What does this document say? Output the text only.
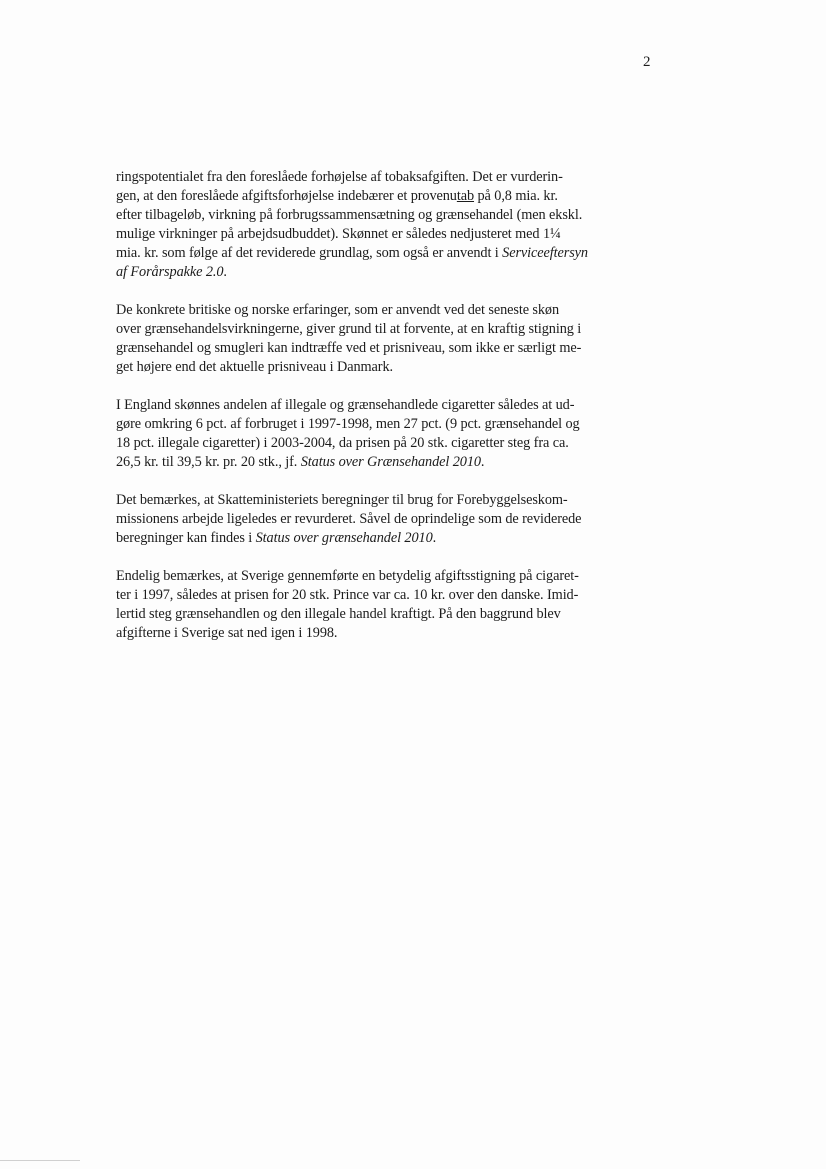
2

ringspotentialet fra den foreslåede forhøjelse af tobaksafgiften. Det er vurderin-
gen, at den foreslåede afgiftsforhøjelse indebærer et provenutab på 0,8 mia. kr.
efter tilbageløb, virkning på forbrugssammensætning og grænsehandel (men ekskl.
mulige virkninger på arbejdsudbuddet). Skønnet er således nedjusteret med 1¼
mia. kr. som følge af det reviderede grundlag, som også er anvendt i Serviceeftersyn
af Forårspakke 2.0.

De konkrete britiske og norske erfaringer, som er anvendt ved det seneste skøn
over grænsehandelsvirkningerne, giver grund til at forvente, at en kraftig stigning i
grænsehandel og smugleri kan indtræffe ved et prisniveau, som ikke er særligt me-
get højere end det aktuelle prisniveau i Danmark.

I England skønnes andelen af illegale og grænsehandlede cigaretter således at ud-
gøre omkring 6 pct. af forbruget i 1997-1998, men 27 pct. (9 pct. grænsehandel og
18 pct. illegale cigaretter) i 2003-2004, da prisen på 20 stk. cigaretter steg fra ca.
26,5 kr. til 39,5 kr. pr. 20 stk., jf. Status over Grænsehandel 2010.

Det bemærkes, at Skatteministeriets beregninger til brug for Forebyggelseskom-
missionens arbejde ligeledes er revurderet. Såvel de oprindelige som de reviderede
beregninger kan findes i Status over grænsehandel 2010.

Endelig bemærkes, at Sverige gennemførte en betydelig afgiftsstigning på cigaret-
ter i 1997, således at prisen for 20 stk. Prince var ca. 10 kr. over den danske. Imid-
lertid steg grænsehandlen og den illegale handel kraftigt. På den baggrund blev
afgifterne i Sverige sat ned igen i 1998.
